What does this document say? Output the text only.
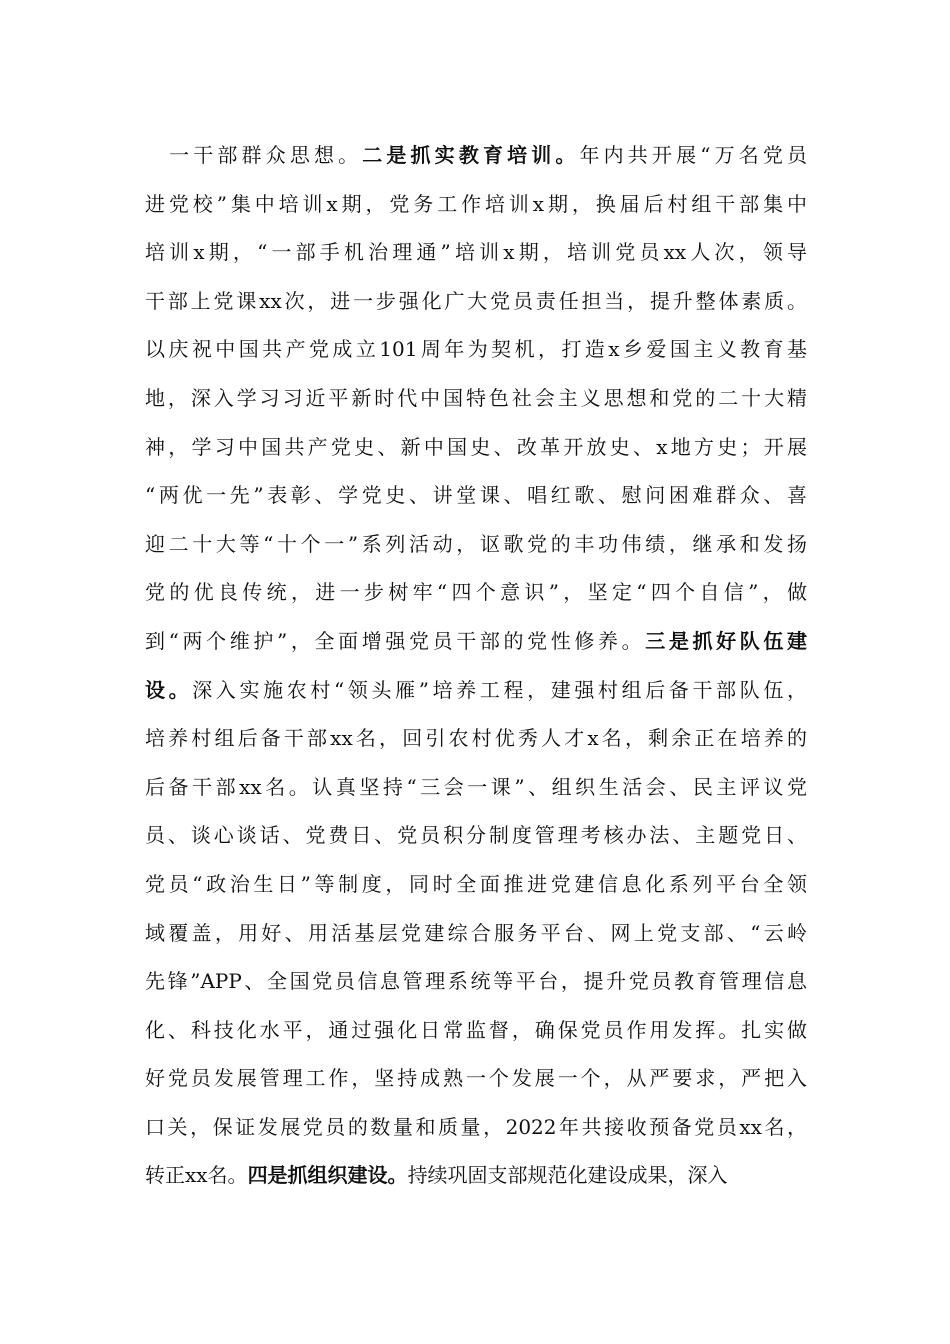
　一干部群众思想。二是抓实教育培训。年内共开展“万名党员
进党校”集中培训x期，党务工作培训x期，换届后村组干部集中
培训x期，“一部手机治理通”培训x期，培训党员xx人次，领导
干部上党课xx次，进一步强化广大党员责任担当，提升整体素质。
以庆祝中国共产党成立101周年为契机，打造x乡爱国主义教育基
地，深入学习习近平新时代中国特色社会主义思想和党的二十大精
神，学习中国共产党史、新中国史、改革开放史、x地方史；开展
“两优一先”表彰、学党史、讲堂课、唱红歌、慰问困难群众、喜
迎二十大等“十个一”系列活动，讴歌党的丰功伟绩，继承和发扬
党的优良传统，进一步树牢“四个意识”，坚定“四个自信”，做
到“两个维护”，全面增强党员干部的党性修养。三是抓好队伍建
设。深入实施农村“领头雁”培养工程，建强村组后备干部队伍，
培养村组后备干部xx名，回引农村优秀人才x名，剩余正在培养的
后备干部xx名。认真坚持“三会一课”、组织生活会、民主评议党
员、谈心谈话、党费日、党员积分制度管理考核办法、主题党日、
党员“政治生日”等制度，同时全面推进党建信息化系列平台全领
域覆盖，用好、用活基层党建综合服务平台、网上党支部、“云岭
先锋”APP、全国党员信息管理系统等平台，提升党员教育管理信息
化、科技化水平，通过强化日常监督，确保党员作用发挥。扎实做
好党员发展管理工作，坚持成熟一个发展一个，从严要求，严把入
口关，保证发展党员的数量和质量，2022年共接收预备党员xx名，
转正xx名。四是抓组织建设。持续巩固支部规范化建设成果，深入
